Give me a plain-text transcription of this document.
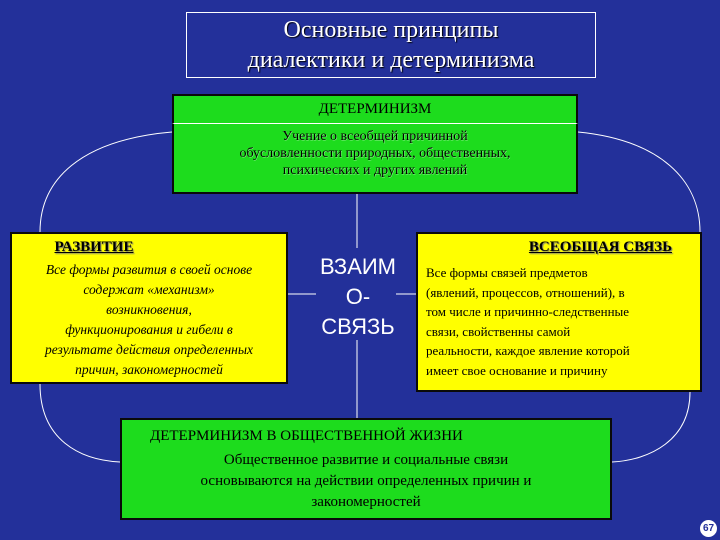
Основные принципы
диалектики и детерминизма
ДЕТЕРМИНИЗМ
Учение о всеобщей причинной
обусловленности природных, общественных,
психических и других явлений
РАЗВИТИЕ
Все формы развития в своей основе
содержат «механизм»
возникновения,
функционирования и гибели в
результате действия определенных
причин, закономерностей
ВЗАИМ
О-
СВЯЗЬ
ВСЕОБЩАЯ СВЯЗЬ
Все формы связей предметов
(явлений, процессов, отношений), в
том числе и причинно-следственные
связи, свойственны самой
реальности, каждое явление которой
имеет свое основание и причину
ДЕТЕРМИНИЗМ В ОБЩЕСТВЕННОЙ ЖИЗНИ
Общественное развитие и социальные связи
основываются на действии определенных причин и
закономерностей
67
